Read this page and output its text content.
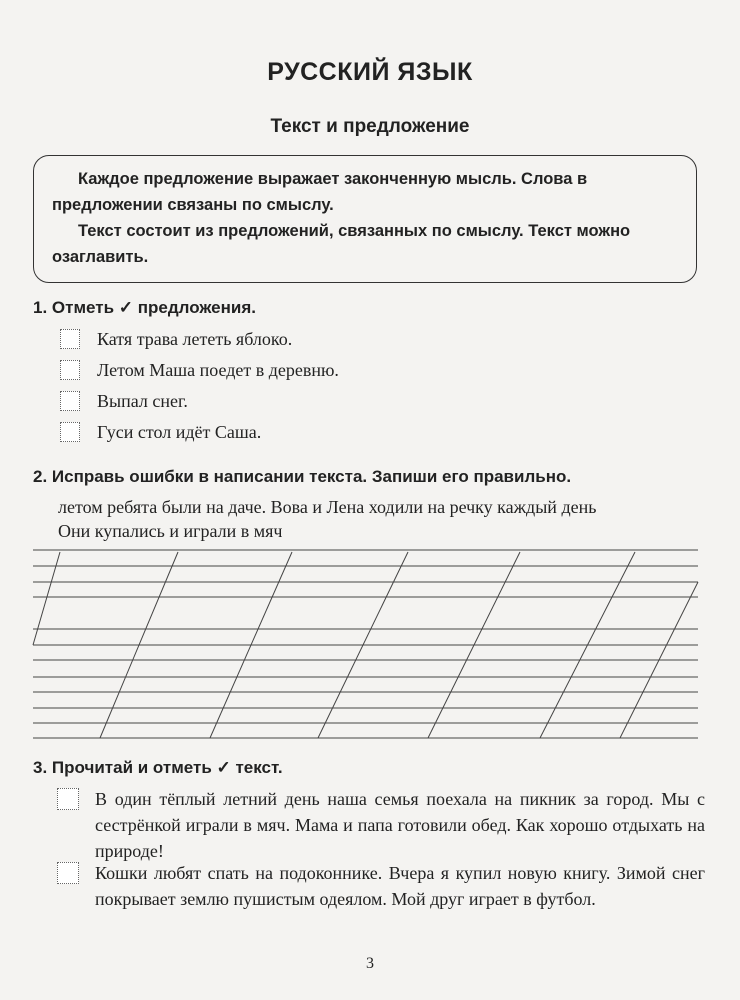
РУССКИЙ ЯЗЫК
Текст и предложение

Каждое предложение выражает законченную мысль. Слова в предложении связаны по смыслу.

Текст состоит из предложений, связанных по смыслу. Текст можно озаглавить.

1. Отметь ✓ предложения.
Катя трава лететь яблоко.
Летом Маша поедет в деревню.
Выпал снег.
Гуси стол идёт Саша.
2. Исправь ошибки в написании текста. Запиши его правильно.
летом ребята были на даче. Вова и Лена ходили на речку каждый день
Они купались и играли в мяч
3. Прочитай и отметь ✓ текст.
В один тёплый летний день наша семья поехала на пикник за город. Мы с сестрёнкой играли в мяч. Мама и папа готовили обед. Как хорошо отдыхать на природе!
Кошки любят спать на подоконнике. Вчера я купил новую книгу. Зимой снег покрывает землю пушистым одеялом. Мой друг играет в футбол.
3
